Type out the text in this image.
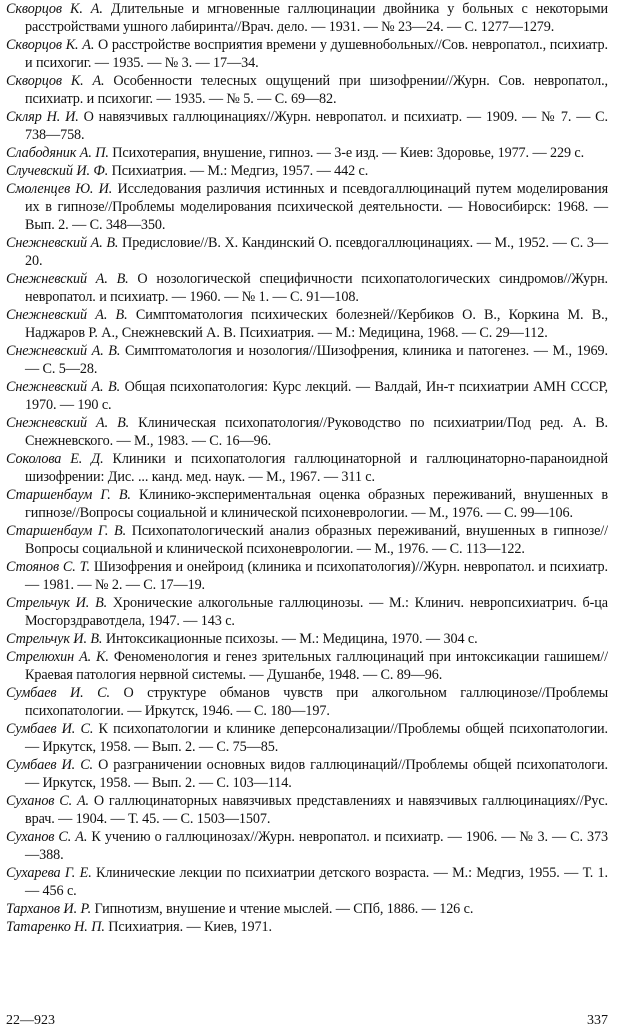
Скворцов К. А. Длительные и мгновенные галлюцинации двойника у больных с некоторыми расстройствами ушного лабиринта//Врач. дело. — 1931. — № 23—24. — С. 1277—1279.
Скворцов К. А. О расстройстве восприятия времени у душевнобольных//Сов. невропатол., психиатр. и психогиг. — 1935. — № 3. — 17—34.
Скворцов К. А. Особенности телесных ощущений при шизофрении//Журн. Сов. невропатол., психиатр. и психогиг. — 1935. — № 5. — С. 69—82.
Скляр Н. И. О навязчивых галлюцинациях//Журн. невропатол. и психиатр. — 1909. — № 7. — С. 738—758.
Слабодяник А. П. Психотерапия, внушение, гипноз. — 3-е изд. — Киев: Здоровье, 1977. — 229 с.
Случевский И. Ф. Психиатрия. — М.: Медгиз, 1957. — 442 с.
Смоленцев Ю. И. Исследования различия истинных и псевдогаллюцинаций путем моделирования их в гипнозе//Проблемы моделирования психической деятельности. — Новосибирск: 1968. — Вып. 2. — С. 348—350.
Снежневский А. В. Предисловие//В. Х. Кандинский О. псевдогаллюцинациях. — М., 1952. — С. 3—20.
Снежневский А. В. О нозологической специфичности психопатологических синдромов//Журн. невропатол. и психиатр. — 1960. — № 1. — С. 91—108.
Снежневский А. В. Симптоматология психических болезней//Кербиков О. В., Коркина М. В., Наджаров Р. А., Снежневский А. В. Психиатрия. — М.: Медицина, 1968. — С. 29—112.
Снежневский А. В. Симптоматология и нозология//Шизофрения, клиника и патогенез. — М., 1969. — С. 5—28.
Снежневский А. В. Общая психопатология: Курс лекций. — Валдай, Ин-т психиатрии АМН СССР, 1970. — 190 с.
Снежневский А. В. Клиническая психопатология//Руководство по психиатрии/Под ред. А. В. Снежневского. — М., 1983. — С. 16—96.
Соколова Е. Д. Клиники и психопатология галлюцинаторной и галлюцинаторно-параноидной шизофрении: Дис. ... канд. мед. наук. — М., 1967. — 311 с.
Старшенбаум Г. В. Клинико-экспериментальная оценка образных переживаний, внушенных в гипнозе//Вопросы социальной и клинической психоневрологии. — М., 1976. — С. 99—106.
Старшенбаум Г. В. Психопатологический анализ образных переживаний, внушенных в гипнозе//Вопросы социальной и клинической психоневрологии. — М., 1976. — С. 113—122.
Стоянов С. Т. Шизофрения и онейроид (клиника и психопатология)//Журн. невропатол. и психиатр. — 1981. — № 2. — С. 17—19.
Стрельчук И. В. Хронические алкогольные галлюцинозы. — М.: Клинич. невропсихиатрич. б-ца Мосгорздравотдела, 1947. — 143 с.
Стрельчук И. В. Интоксикационные психозы. — М.: Медицина, 1970. — 304 с.
Стрелюхин А. К. Феноменология и генез зрительных галлюцинаций при интоксикации гашишем//Краевая патология нервной системы. — Душанбе, 1948. — С. 89—96.
Сумбаев И. С. О структуре обманов чувств при алкогольном галлюцинозе//Проблемы психопатологии. — Иркутск, 1946. — С. 180—197.
Сумбаев И. С. К психопатологии и клинике деперсонализации//Проблемы общей психопатологии. — Иркутск, 1958. — Вып. 2. — С. 75—85.
Сумбаев И. С. О разграничении основных видов галлюцинаций//Проблемы общей психопатологи. — Иркутск, 1958. — Вып. 2. — С. 103—114.
Суханов С. А. О галлюцинаторных навязчивых представлениях и навязчивых галлюцинациях//Рус. врач. — 1904. — Т. 45. — С. 1503—1507.
Суханов С. А. К учению о галлюцинозах//Журн. невропатол. и психиатр. — 1906. — № 3. — С. 373—388.
Сухарева Г. Е. Клинические лекции по психиатрии детского возраста. — М.: Медгиз, 1955. — Т. 1. — 456 с.
Тарханов И. Р. Гипнотизм, внушение и чтение мыслей. — СПб, 1886. — 126 с.
Татаренко Н. П. Психиатрия. — Киев, 1971.
22—923	337
